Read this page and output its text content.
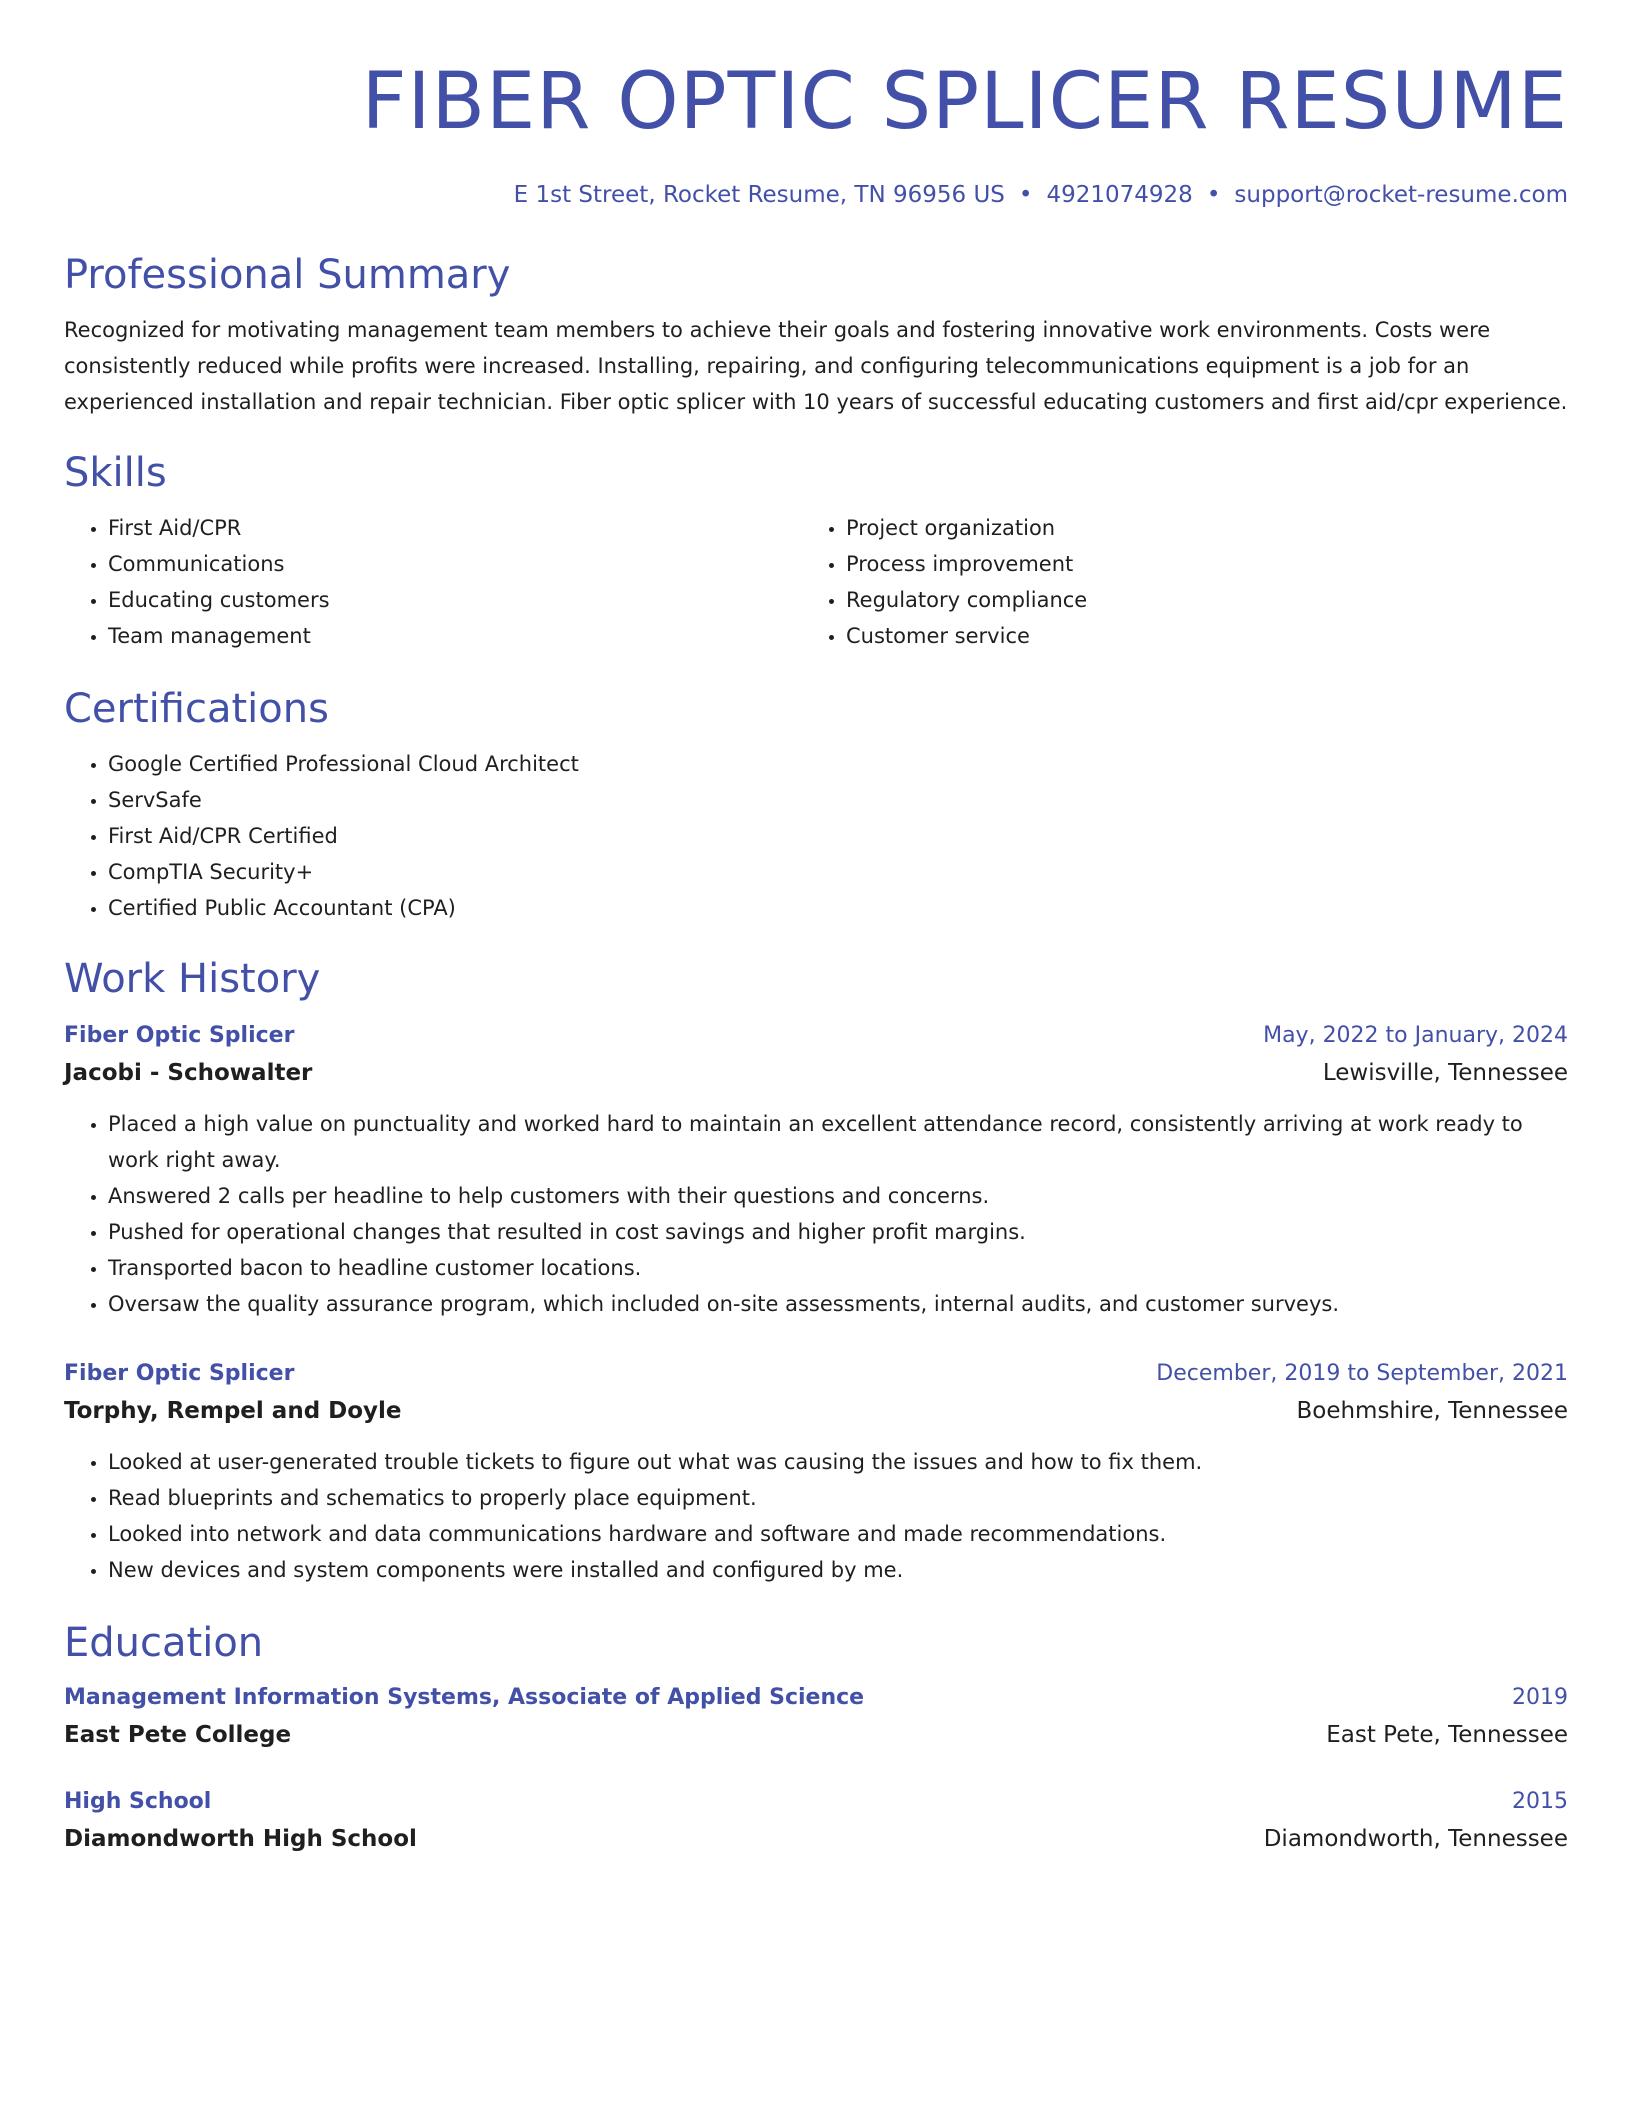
FIBER OPTIC SPLICER RESUME
E 1st Street, Rocket Resume, TN 96956 US • 4921074928 • support@rocket-resume.com
Professional Summary
Recognized for motivating management team members to achieve their goals and fostering innovative work environments. Costs were consistently reduced while profits were increased. Installing, repairing, and configuring telecommunications equipment is a job for an experienced installation and repair technician. Fiber optic splicer with 10 years of successful educating customers and first aid/cpr experience.
Skills
• First Aid/CPR
• Communications
• Educating customers
• Team management
• Project organization
• Process improvement
• Regulatory compliance
• Customer service
Certifications
• Google Certified Professional Cloud Architect
• ServSafe
• First Aid/CPR Certified
• CompTIA Security+
• Certified Public Accountant (CPA)
Work History
Fiber Optic Splicer	May, 2022 to January, 2024
Jacobi - Schowalter	Lewisville, Tennessee
• Placed a high value on punctuality and worked hard to maintain an excellent attendance record, consistently arriving at work ready to work right away.
• Answered 2 calls per headline to help customers with their questions and concerns.
• Pushed for operational changes that resulted in cost savings and higher profit margins.
• Transported bacon to headline customer locations.
• Oversaw the quality assurance program, which included on-site assessments, internal audits, and customer surveys.
Fiber Optic Splicer	December, 2019 to September, 2021
Torphy, Rempel and Doyle	Boehmshire, Tennessee
• Looked at user-generated trouble tickets to figure out what was causing the issues and how to fix them.
• Read blueprints and schematics to properly place equipment.
• Looked into network and data communications hardware and software and made recommendations.
• New devices and system components were installed and configured by me.
Education
Management Information Systems, Associate of Applied Science	2019
East Pete College	East Pete, Tennessee
High School	2015
Diamondworth High School	Diamondworth, Tennessee
